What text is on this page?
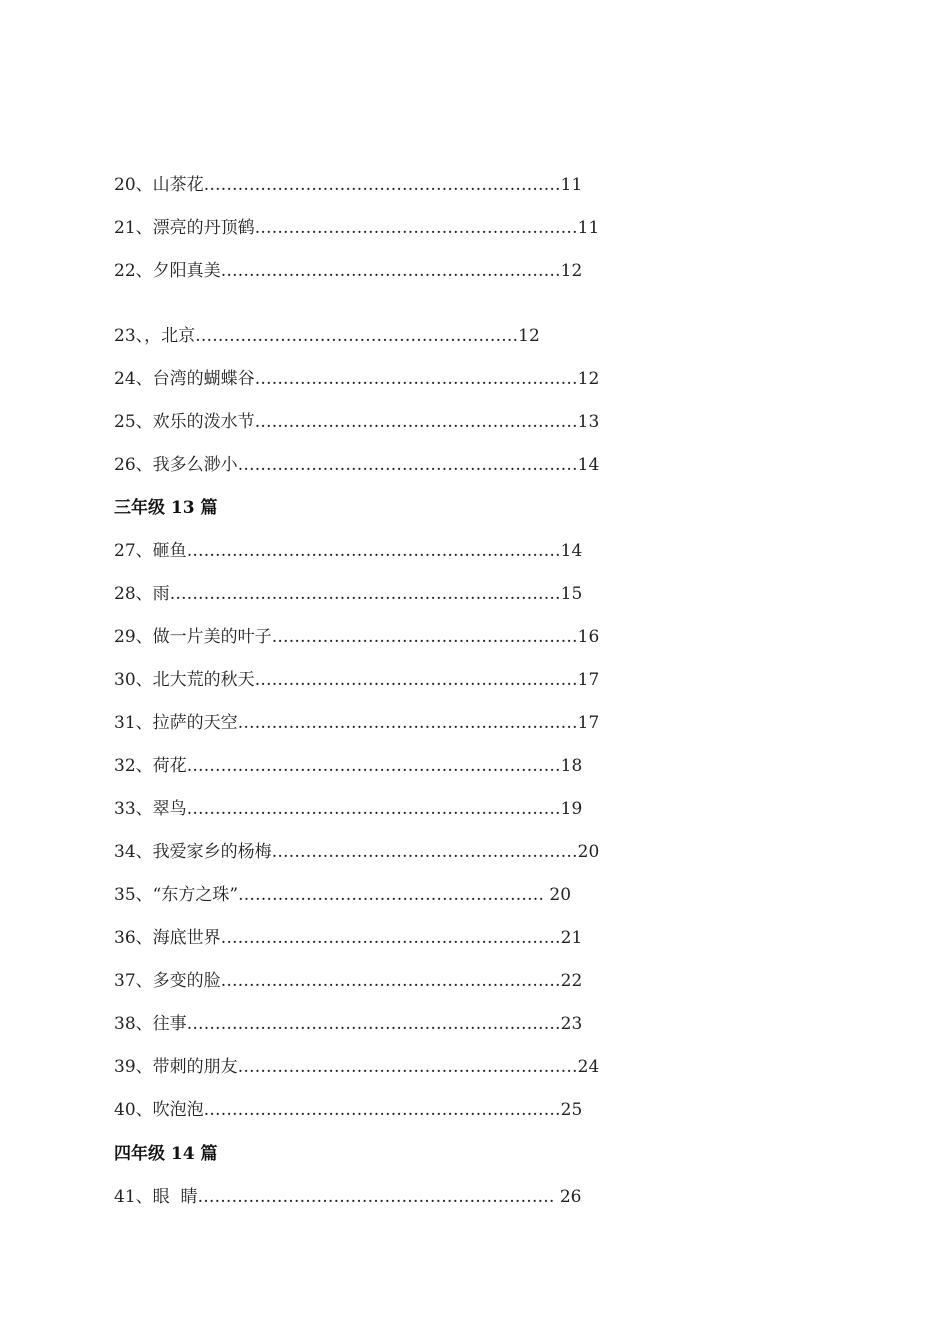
20、山茶花………………………………………………………11
21、漂亮的丹顶鹤…………………………………………………11
22、夕阳真美……………………………………………………12
23、，北京…………………………………………………12
24、台湾的蝴蝶谷…………………………………………………12
25、欢乐的泼水节…………………………………………………13
26、我多么渺小……………………………………………………14
三年级 13 篇
27、砸鱼…………………………………………………………14
28、雨……………………………………………………………15
29、做一片美的叶子………………………………………………16
30、北大荒的秋天…………………………………………………17
31、拉萨的天空……………………………………………………17
32、荷花…………………………………………………………18
33、翠鸟…………………………………………………………19
34、我爱家乡的杨梅………………………………………………20
35、“东方之珠”……………………………………………… 20
36、海底世界……………………………………………………21
37、多变的脸……………………………………………………22
38、往事…………………………………………………………23
39、带刺的朋友……………………………………………………24
40、吹泡泡………………………………………………………25
四年级 14 篇
41、眼  睛……………………………………………………… 26
